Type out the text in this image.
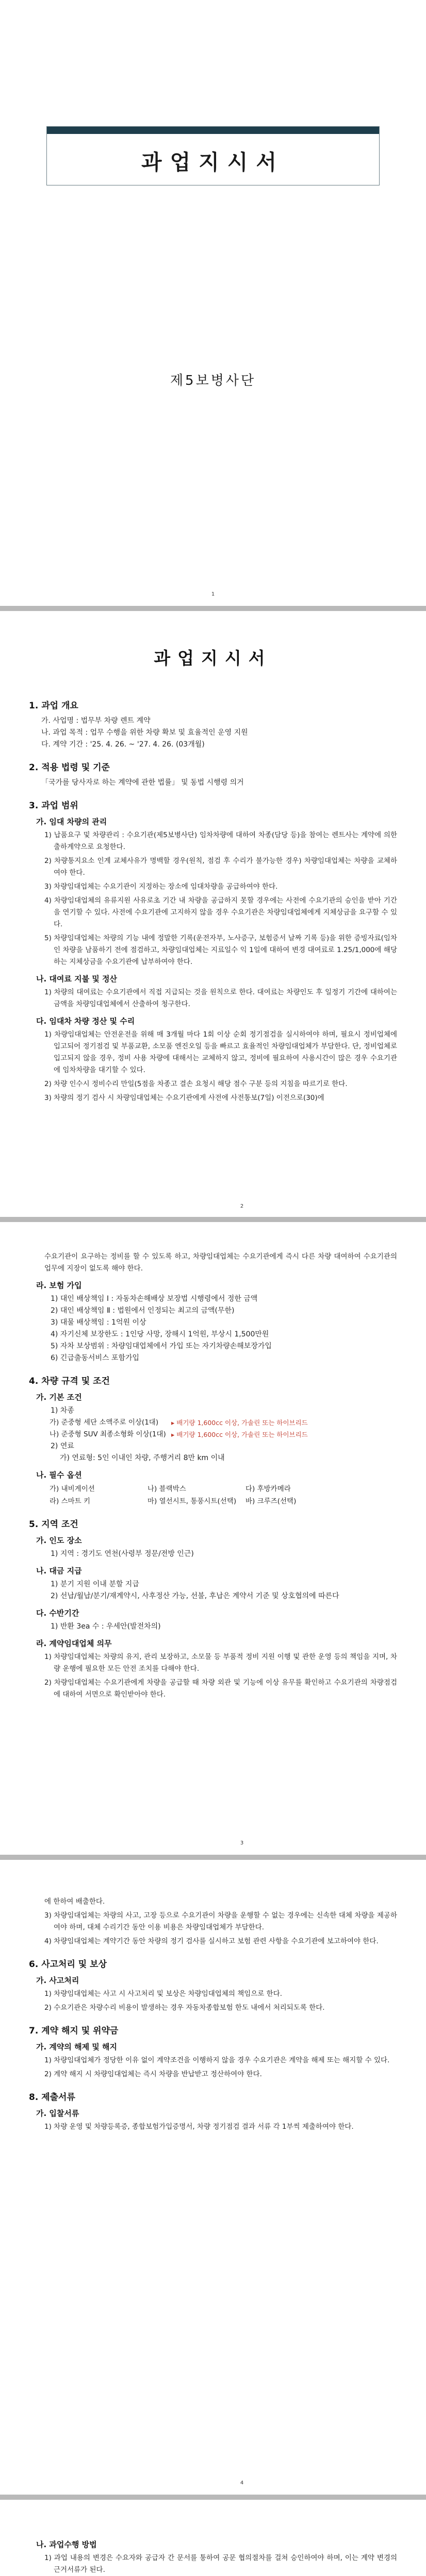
과업지시서
제5보병사단
1
과업지시서
1. 과업 개요
가. 사업명 : 법무부 차량 렌트 계약
나. 과업 목적 : 업무 수행을 위한 차량 확보 및 효율적인 운영 지원
다. 계약 기간 : '25. 4. 26. ~ '27. 4. 26. (03개월)
2. 적용 법령 및 기준
「국가를 당사자로 하는 계약에 관한 법률」 및 동법 시행령 의거
3. 과업 범위
가. 임대 차량의 관리
1) 납품요구 및 차량관리 : 수요기관(제5보병사단) 임차차량에 대하여 차종(담당 등)을 참여는 렌트사는 계약에 의한 출하계약으로 요청한다.
2) 차량통지요소 인계 교체사유가 명백할 경우(원칙, 점검 후 수리가 불가능한 경우) 차량임대업체는 차량을 교체하여야 한다.
3) 차량임대업체는 수요기관이 지정하는 장소에 임대차량을 공급하여야 한다.
4) 차량임대업체의 유류지원 사유로초 기간 내 차량을 공급하지 못할 경우에는 사전에 수요기관의 승인을 받아 기간을 연기할 수 있다. 사전에 수요기관에 고지하지 않을 경우 수요기관은 차량임대업체에게 지체상금을 요구할 수 있다.
5) 차량임대업체는 차량의 기능 내에 정말한 기록(운전자부, 노사증구, 보험증서 날짜 기록 등)을 위한 증빙자료(임차인 차량을 남품하기 전에 점검하고, 차량임대업체는 지료일수 익 1일에 대하여 변경 대여료로 1.25/1,000에 해당하는 지체상금을 수요기관에 납부하여야 한다.
나. 대여료 지불 및 정산
1) 차량의 대여료는 수요기관에서 직접 지급되는 것을 원칙으로 한다. 대여료는 차량인도 후 일정기 기간에 대하여는 금액을 차량임대업체에서 산출하여 청구한다.
다. 임대차 차량 정산 및 수리
1) 차량임대업체는 안전운전을 위해 매 3개월 마다 1회 이상 순회 정기점검을 실시하여야 하며, 필요시 정비업체에 입고되어 정기점검 및 부품교환, 소모품 엔진오일 등을 빠르고 효율적인 차량임대업체가 부담한다. 단, 정비업체로 입고되지 않을 경우, 정비 사용 차량에 대해서는 교체하지 않고, 정비에 필요하여 사용시간이 많은 경우 수요기관에 임차차량을 대기할 수 있다.
2) 차량 인수시 정비수리 만일(5점을 차종고 결손 요청시 해당 점수 구분 등의 지침을 따르기로 한다.
3) 차량의 정기 검사 시 차량임대업체는 수요기관에게 사전에 사전통보(7일) 이전으로(30)에
2
수요기관이 요구하는 정비를 할 수 있도록 하고, 차량임대업체는 수요기관에게 즉시 다른 차량 대여하여 수요기관의 업무에 지장이 없도록 해야 한다.
라. 보험 가입
1) 대인 배상책임 Ⅰ : 자동차손해배상 보장법 시행령에서 정한 금액
2) 대인 배상책임 Ⅱ : 법원에서 인정되는 최고의 금액(무한)
3) 대물 배상책임 : 1억원 이상
4) 자기신체 보장한도 : 1인당 사망, 장해시 1억원, 부상시 1,500만원
5) 자차 보상범위 : 차량임대업체에서 가입 또는 자기차량손해보장가입
6) 긴급출동서비스 포함가입
4. 차량 규격 및 조건
가. 기본 조건
1) 차종
가) 준중형 세단 소액주로 이상(1대)	▸ 배기량 1,600cc 이상, 가솔린 또는 하이브리드
나) 준중형 SUV 최종소형화 이상(1대) ▸ 배기량 1,600cc 이상, 가솔린 또는 하이브리드
2) 연료
가) 연료형: 5인 이내인 차량, 주행거리 8만 km 이내
나. 필수 옵션
가) 내비게이션	나) 블랙박스	다) 후방카메라
라) 스마트 키	마) 열선시트, 통풍시트(선택)	바) 크루즈(선택)
5. 지역 조건
가. 인도 장소
1) 지역 : 경기도 연천(사령부 정문/전방 인근)
나. 대금 지급
1) 분기 지원 이내 분할 지급
2) 선납/월납/분기/재계약시, 사후정산 가능, 선불, 후납은 계약서 기준 및 상호협의에 따른다
다. 수반기간
1) 반환 3ea 수 : 우세안(발전차의)
라. 계약임대업체 의무
1) 차량임대업체는 차량의 유지, 관리 보장하고, 소모물 등 부품적 정비 지원 이행 및 관한 운영 등의 책임을 지며, 차량 운행에 필요한 모든 안전 조치를 다해야 한다.
2) 차량임대업체는 수요기관에게 차량을 공급할 때 차량 외관 및 기능에 이상 유무를 확인하고 수요기관의 차량점검에 대하여 서면으로 확인받아야 한다.
3
에 한하여 배출한다.
3) 차량임대업체는 차량의 사고, 고장 등으로 수요기관이 차량을 운행할 수 없는 경우에는 신속한 대체 차량을 제공하여야 하며, 대체 수리기간 동안 이용 비용은 차량임대업체가 부담한다.
4) 차량임대업체는 계약기간 동안 차량의 정기 검사를 실시하고 보험 관련 사항을 수요기관에 보고하여야 한다.
6. 사고처리 및 보상
가. 사고처리
1) 차량임대업체는 사고 시 사고처리 및 보상은 차량임대업체의 책임으로 한다.
2) 수요기관은 차량수리 비용이 발생하는 경우 자동차종합보험 한도 내에서 처리되도록 한다.
7. 계약 해지 및 위약금
가. 계약의 해제 및 해지
1) 차량임대업체가 정당한 이유 없이 계약조건을 이행하지 않을 경우 수요기관은 계약을 해제 또는 해지할 수 있다.
2) 계약 해지 시 차량임대업체는 즉시 차량을 반납받고 정산하여야 한다.
8. 제출서류
가. 입찰서류
1) 차량 운영 및 차량등록증, 종합보험가입증명서, 차량 정기점검 결과 서류 각 1부씩 제출하여야 한다.
4
나. 과업수행 방법
1) 과업 내용의 변경은 수요자와 공급자 간 문서를 통하여 공문 협의절차를 걸쳐 승인하여야 하며, 이는 계약 변경의 근거서류가 된다.
